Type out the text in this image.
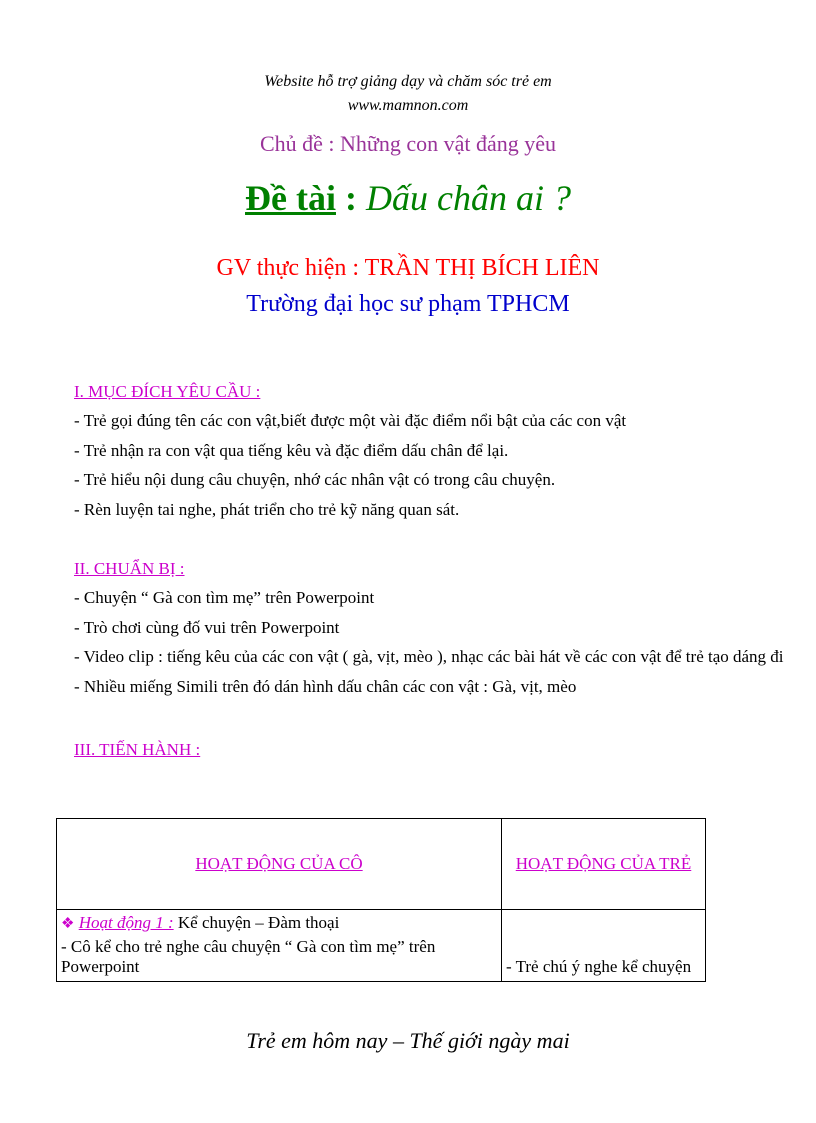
Website hỗ trợ giảng dạy và chăm sóc trẻ em
www.mamnon.com
Chủ đề : Những con vật đáng yêu
Đề tài : Dấu chân ai ?
GV thực hiện : TRẦN THỊ BÍCH LIÊN
Trường đại học sư phạm TPHCM
I. MỤC ĐÍCH YÊU CẦU :
- Trẻ gọi đúng tên các con vật,biết được một vài đặc điểm nổi bật của các con vật
- Trẻ nhận ra con vật qua tiếng kêu và đặc điểm dấu chân để lại.
- Trẻ hiểu nội dung câu chuyện, nhớ các nhân vật có trong câu chuyện.
- Rèn luyện tai nghe, phát triển cho trẻ kỹ năng quan sát.
II. CHUẨN BỊ :
- Chuyện “ Gà con tìm mẹ” trên Powerpoint
- Trò chơi cùng đố vui trên Powerpoint
- Video clip : tiếng kêu của các con vật ( gà, vịt, mèo ), nhạc các bài hát về các con vật để trẻ tạo dáng đi
- Nhiều miếng Simili trên đó dán hình dấu chân các con vật : Gà, vịt, mèo
III. TIẾN HÀNH :
HOẠT ĐỘNG CỦA CÔ	HOẠT ĐỘNG CỦA TRẺ

❖ Hoạt động 1 : Kể chuyện – Đàm thoại
- Cô kể cho trẻ nghe câu chuyện “ Gà con tìm mẹ” trên Powerpoint	- Trẻ chú ý nghe kể chuyện
Trẻ em hôm nay – Thế giới ngày mai
